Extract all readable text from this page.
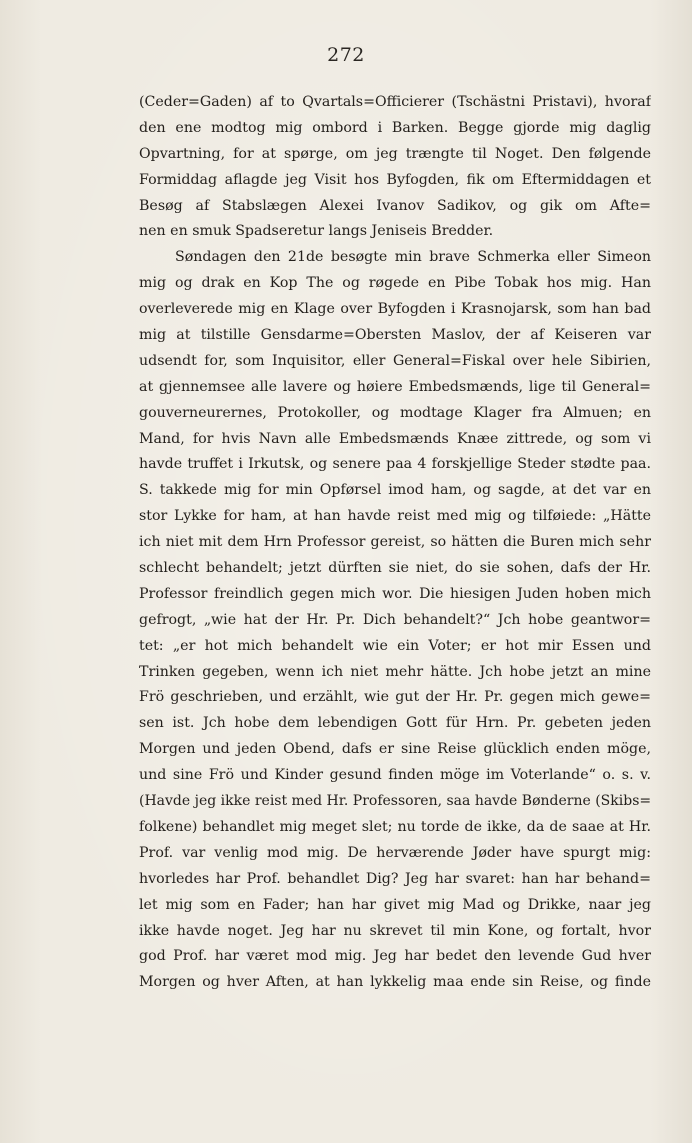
272
(Ceder=Gaden) af to Qvartals=Officierer (Tschästni Pristavi), hvoraf
den ene modtog mig ombord i Barken. Begge gjorde mig daglig
Opvartning, for at spørge, om jeg trængte til Noget. Den følgende
Formiddag aflagde jeg Visit hos Byfogden, fik om Eftermiddagen et
Besøg af Stabslægen Alexei Ivanov Sadikov, og gik om Afte=
nen en smuk Spadseretur langs Jeniseis Bredder.
Søndagen den 21de besøgte min brave Schmerka eller Simeon
mig og drak en Kop The og røgede en Pibe Tobak hos mig. Han
overleverede mig en Klage over Byfogden i Krasnojarsk, som han bad
mig at tilstille Gensdarme=Obersten Maslov, der af Keiseren var
udsendt for, som Inquisitor, eller General=Fiskal over hele Sibirien,
at gjennemsee alle lavere og høiere Embedsmænds, lige til General=
gouverneurernes, Protokoller, og modtage Klager fra Almuen; en
Mand, for hvis Navn alle Embedsmænds Knæe zittrede, og som vi
havde truffet i Irkutsk, og senere paa 4 forskjellige Steder stødte paa.
S. takkede mig for min Opførsel imod ham, og sagde, at det var en
stor Lykke for ham, at han havde reist med mig og tilføiede: „Hätte
ich niet mit dem Hrn Professor gereist, so hätten die Buren mich sehr
schlecht behandelt; jetzt dürften sie niet, do sie sohen, dafs der Hr.
Professor freindlich gegen mich wor. Die hiesigen Juden hoben mich
gefrogt, „wie hat der Hr. Pr. Dich behandelt?“ Jch hobe geantwor=
tet: „er hot mich behandelt wie ein Voter; er hot mir Essen und
Trinken gegeben, wenn ich niet mehr hätte. Jch hobe jetzt an mine
Frö geschrieben, und erzählt, wie gut der Hr. Pr. gegen mich gewe=
sen ist. Jch hobe dem lebendigen Gott für Hrn. Pr. gebeten jeden
Morgen und jeden Obend, dafs er sine Reise glücklich enden möge,
und sine Frö und Kinder gesund finden möge im Voterlande“ o. s. v.
(Havde jeg ikke reist med Hr. Professoren, saa havde Bønderne (Skibs=
folkene) behandlet mig meget slet; nu torde de ikke, da de saae at Hr.
Prof. var venlig mod mig. De herværende Jøder have spurgt mig:
hvorledes har Prof. behandlet Dig? Jeg har svaret: han har behand=
let mig som en Fader; han har givet mig Mad og Drikke, naar jeg
ikke havde noget. Jeg har nu skrevet til min Kone, og fortalt, hvor
god Prof. har været mod mig. Jeg har bedet den levende Gud hver
Morgen og hver Aften, at han lykkelig maa ende sin Reise, og finde
